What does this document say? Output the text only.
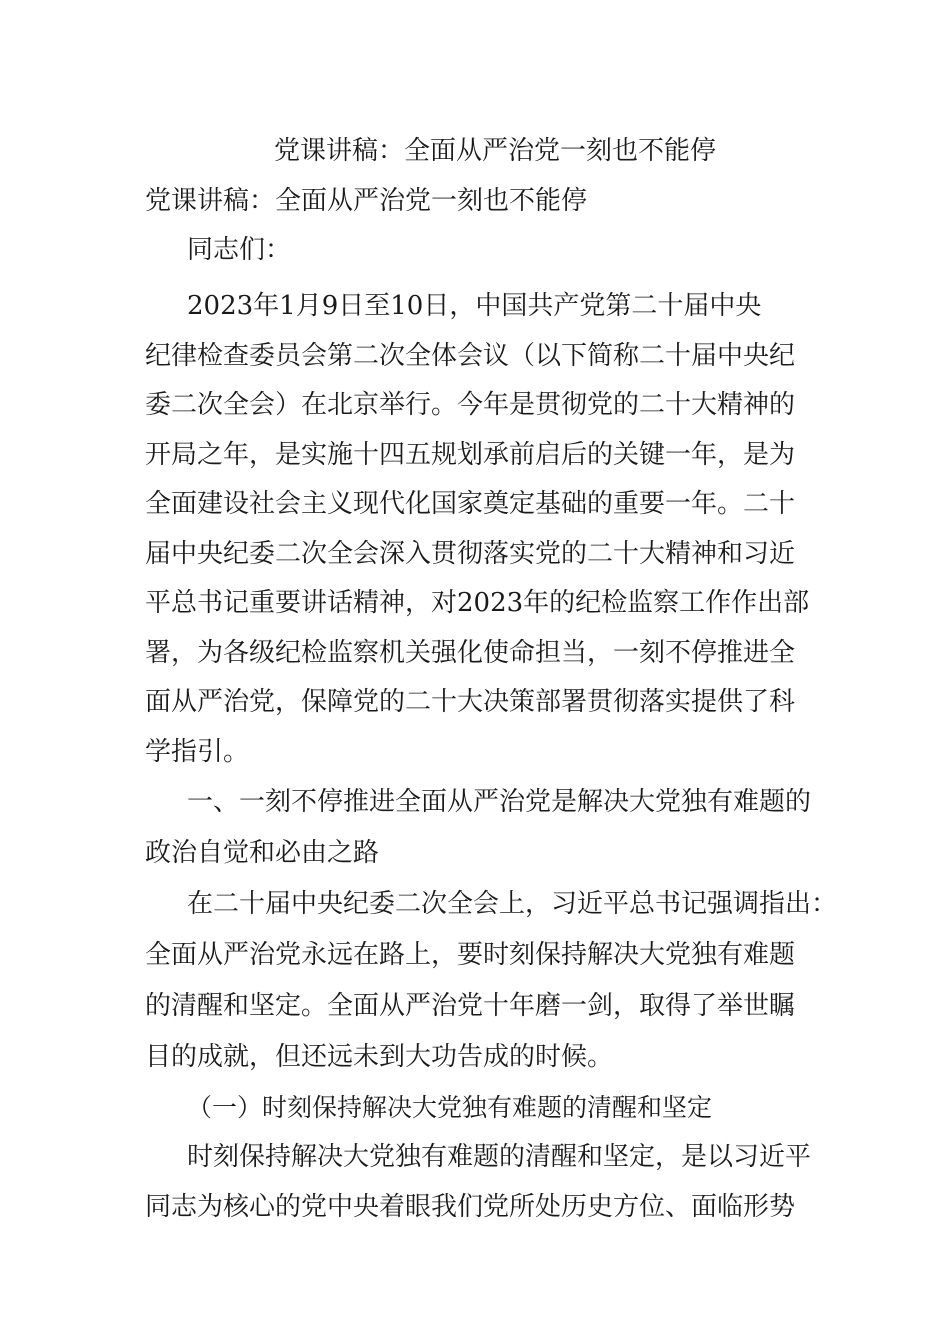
党课讲稿：全面从严治党一刻也不能停
党课讲稿：全面从严治党一刻也不能停
同志们：
2023年1月9日至10日，中国共产党第二十届中央
纪律检查委员会第二次全体会议（以下简称二十届中央纪
委二次全会）在北京举行。今年是贯彻党的二十大精神的
开局之年，是实施十四五规划承前启后的关键一年，是为
全面建设社会主义现代化国家奠定基础的重要一年。二十
届中央纪委二次全会深入贯彻落实党的二十大精神和习近
平总书记重要讲话精神，对2023年的纪检监察工作作出部
署，为各级纪检监察机关强化使命担当，一刻不停推进全
面从严治党，保障党的二十大决策部署贯彻落实提供了科
学指引。
一、一刻不停推进全面从严治党是解决大党独有难题的
政治自觉和必由之路
在二十届中央纪委二次全会上，习近平总书记强调指出：
全面从严治党永远在路上，要时刻保持解决大党独有难题
的清醒和坚定。全面从严治党十年磨一剑，取得了举世瞩
目的成就，但还远未到大功告成的时候。
（一）时刻保持解决大党独有难题的清醒和坚定
时刻保持解决大党独有难题的清醒和坚定，是以习近平
同志为核心的党中央着眼我们党所处历史方位、面临形势
